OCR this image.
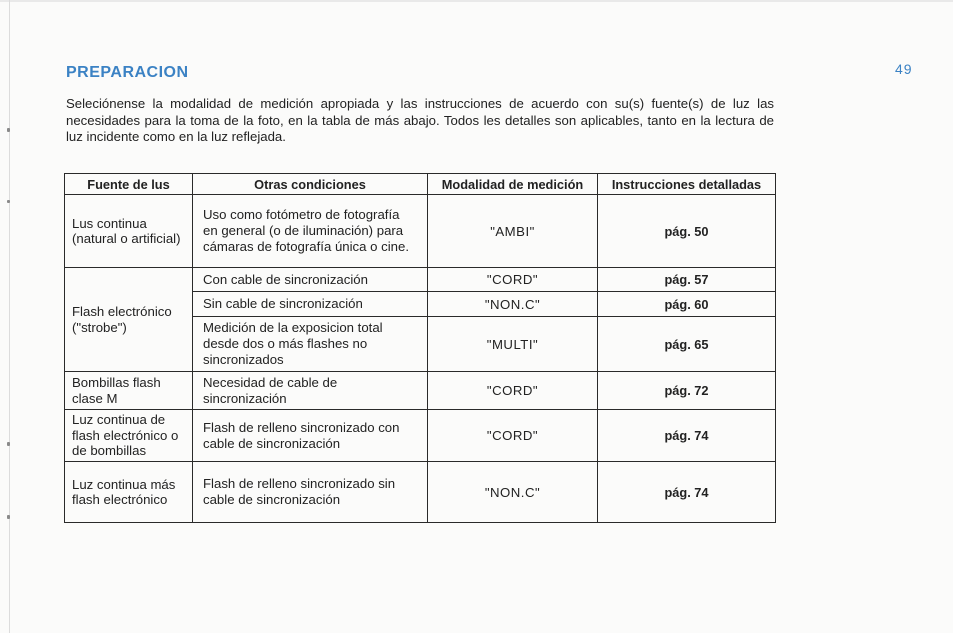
PREPARACION	49
Seleciónense la modalidad de medición apropiada y las instrucciones de acuerdo con su(s) fuente(s) de luz las necesidades para la toma de la foto, en la tabla de más abajo. Todos les detalles son aplicables, tanto en la lectura de luz incidente como en la luz reflejada.
Fuente de lus	Otras condiciones	Modalidad de medición	Instrucciones detalladas
Lus continua (natural o artificial)	Uso como fotómetro de fotografía en general (o de iluminación) para cámaras de fotografía única o cine.	"AMBI"	pág. 50
Flash electrónico ("strobe")	Con cable de sincronización	"CORD"	pág. 57
	Sin cable de sincronización	"NON.C"	pág. 60
	Medición de la exposicion total desde dos o más flashes no sincronizados	"MULTI"	pág. 65
Bombillas flash clase M	Necesidad de cable de sincronización	"CORD"	pág. 72
Luz continua de flash electrónico o de bombillas	Flash de relleno sincronizado con cable de sincronización	"CORD"	pág. 74
Luz continua más flash electrónico	Flash de relleno sincronizado sin cable de sincronización	"NON.C"	pág. 74
